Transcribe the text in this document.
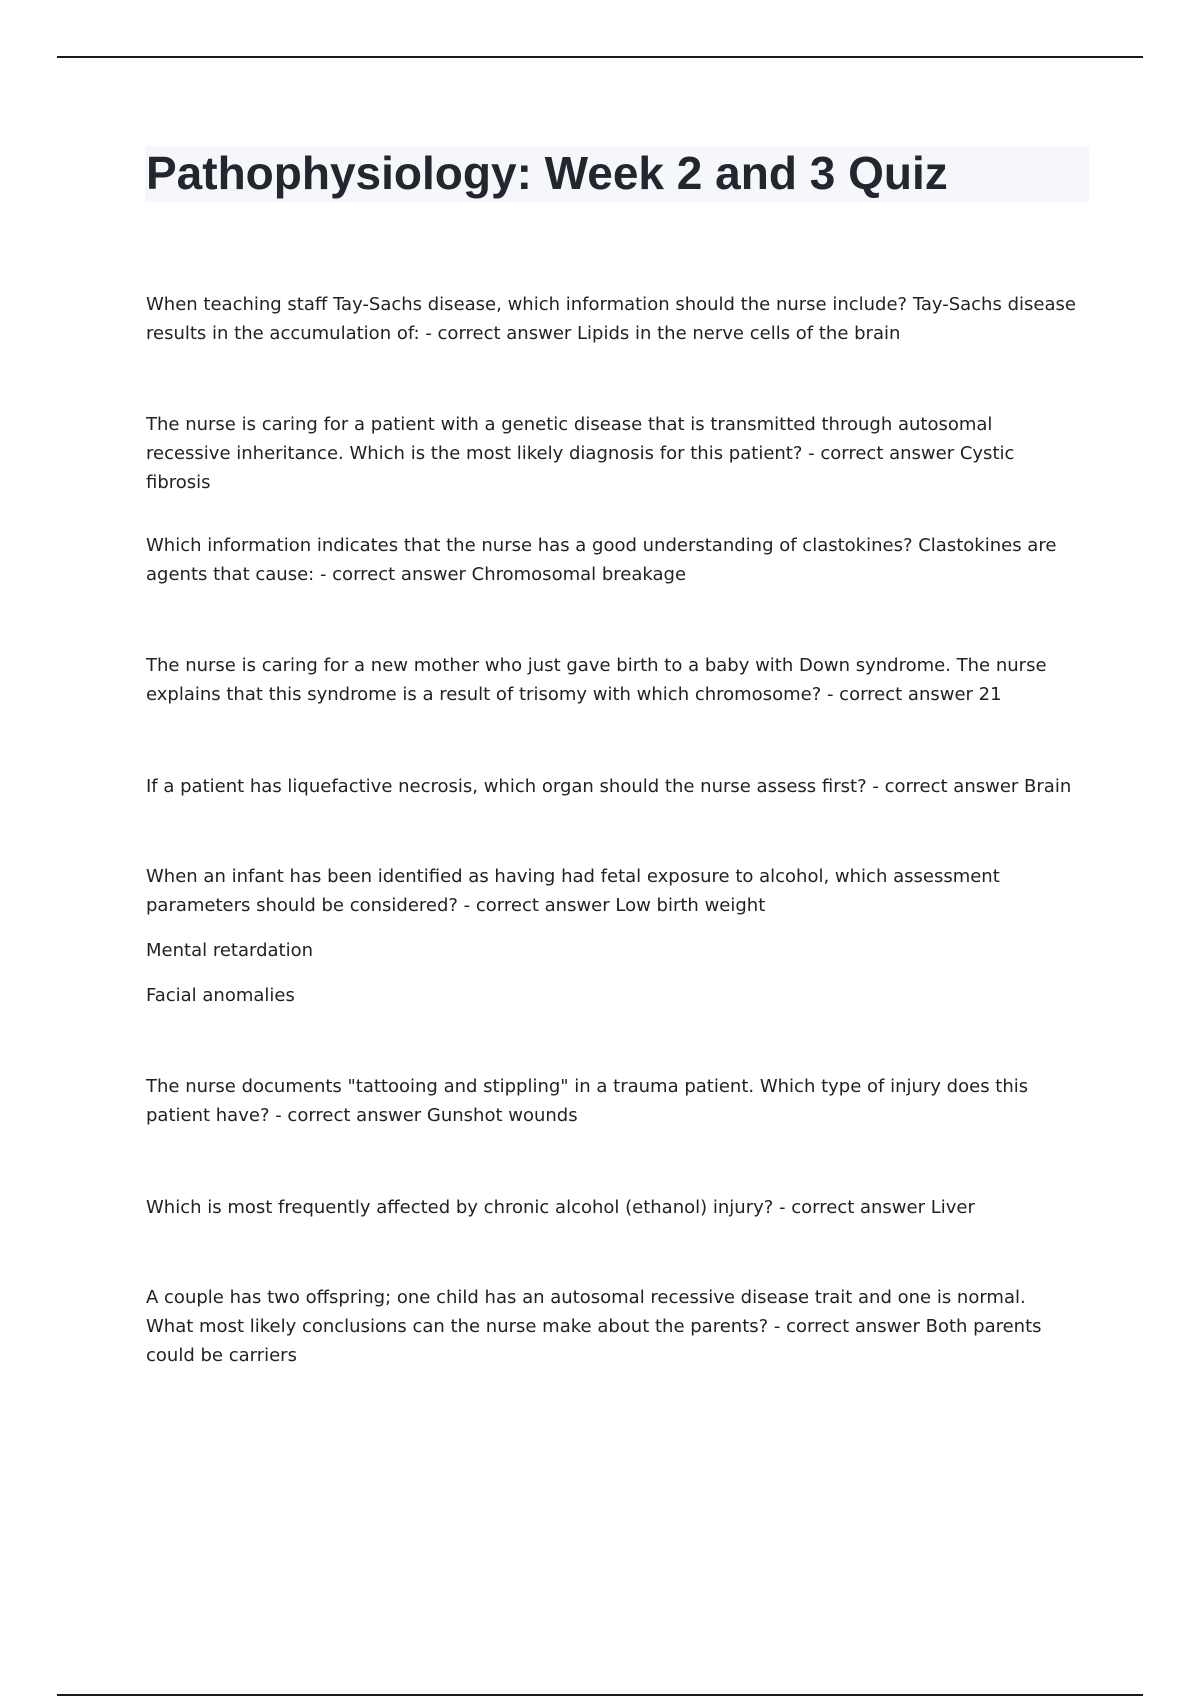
Pathophysiology: Week 2 and 3 Quiz

When teaching staff Tay-Sachs disease, which information should the nurse include? Tay-Sachs disease results in the accumulation of: - correct answer Lipids in the nerve cells of the brain

The nurse is caring for a patient with a genetic disease that is transmitted through autosomal recessive inheritance. Which is the most likely diagnosis for this patient? - correct answer Cystic fibrosis

Which information indicates that the nurse has a good understanding of clastokines? Clastokines are agents that cause: - correct answer Chromosomal breakage

The nurse is caring for a new mother who just gave birth to a baby with Down syndrome. The nurse explains that this syndrome is a result of trisomy with which chromosome? - correct answer 21

If a patient has liquefactive necrosis, which organ should the nurse assess first? - correct answer Brain

When an infant has been identified as having had fetal exposure to alcohol, which assessment parameters should be considered? - correct answer Low birth weight

Mental retardation

Facial anomalies

The nurse documents "tattooing and stippling" in a trauma patient. Which type of injury does this patient have? - correct answer Gunshot wounds

Which is most frequently affected by chronic alcohol (ethanol) injury? - correct answer Liver

A couple has two offspring; one child has an autosomal recessive disease trait and one is normal. What most likely conclusions can the nurse make about the parents? - correct answer Both parents could be carriers
